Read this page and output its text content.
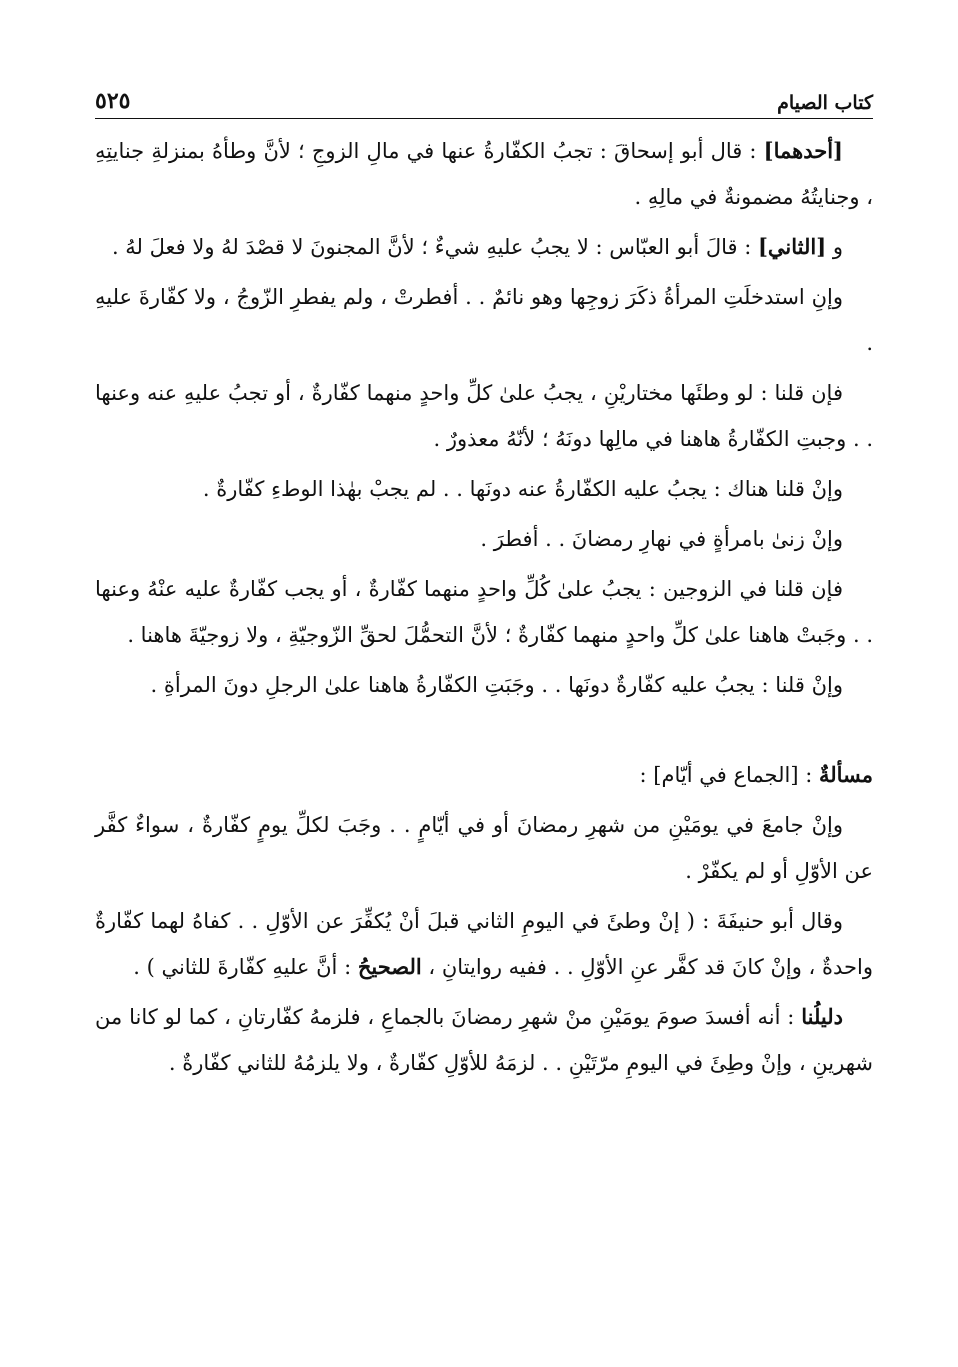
كتاب الصيام
٥٢٥

[أحدهما] : قال أبو إسحاقَ : تجبُ الكفّارةُ عنها في مالِ الزوجِ ؛ لأنَّ وطأهُ بمنزلةِ جنايتِهِ ، وجنايتُهُ مضمونةٌ في مالِهِ .

و [الثاني] : قالَ أبو العبّاس : لا يجبُ عليهِ شيءٌ ؛ لأنَّ المجنونَ لا قصْدَ لهُ ولا فعلَ لهُ .

وإنِ استدخلَتِ المرأةُ ذكَرَ زوجِها وهو نائمٌ . . أفطرتْ ، ولم يفطرِ الزّوجُ ، ولا كفّارةَ عليهِ .

فإن قلنا : لو وطئَها مختاريْنِ ، يجبُ علىٰ كلِّ واحدٍ منهما كفّارةٌ ، أو تجبُ عليهِ عنه وعنها . . وجبتِ الكفّارةُ هاهنا في مالِها دونَهُ ؛ لأنّهُ معذورٌ .

وإنْ قلنا هناك : يجبُ عليه الكفّارةُ عنه دونَها . . لم يجبْ بهٰذا الوطءِ كفّارةٌ .

وإنْ زنىٰ بامرأةٍ في نهارِ رمضانَ . . أفطرَ .

فإن قلنا في الزوجين : يجبُ علىٰ كُلِّ واحدٍ منهما كفّارةٌ ، أو يجب كفّارةٌ عليه عنْهُ وعنها . . وجَبتْ هاهنا علىٰ كلِّ واحدٍ منهما كفّارةٌ ؛ لأنَّ التحمُّلَ لحقِّ الزّوجيّةِ ، ولا زوجيّةَ هاهنا .

وإنْ قلنا : يجبُ عليه كفّارةٌ دونَها . . وجَبَتِ الكفّارةُ هاهنا علىٰ الرجلِ دونَ المرأةِ .

مسألةٌ : [الجماع في أيّام] :

وإنْ جامعَ في يومَيْنِ من شهرِ رمضانَ أو في أيّامٍ . . وجَبَ لكلِّ يومٍ كفّارةٌ ، سواءٌ كفَّر عن الأوّلِ أو لم يكفّرْ .

وقال أبو حنيفَةَ : ( إنْ وطئَ في اليومِ الثاني قبلَ أنْ يُكفِّرَ عن الأوّلِ . . كفاهُ لهما كفّارةٌ واحدةٌ ، وإنْ كانَ قد كفَّر عنِ الأوّلِ . . ففيه روايتانِ ، الصحيحُ : أنَّ عليهِ كفّارةَ للثاني ) .

دليلُنا : أنه أفسدَ صومَ يومَيْنِ منْ شهرِ رمضانَ بالجماعِ ، فلزمهُ كفّارتانِ ، كما لو كانا من شهرينِ ، وإنْ وطِئَ في اليومِ مرّتَيْنِ . . لزمَهُ للأوّلِ كفّارةٌ ، ولا يلزمُهُ للثاني كفّارةٌ .
